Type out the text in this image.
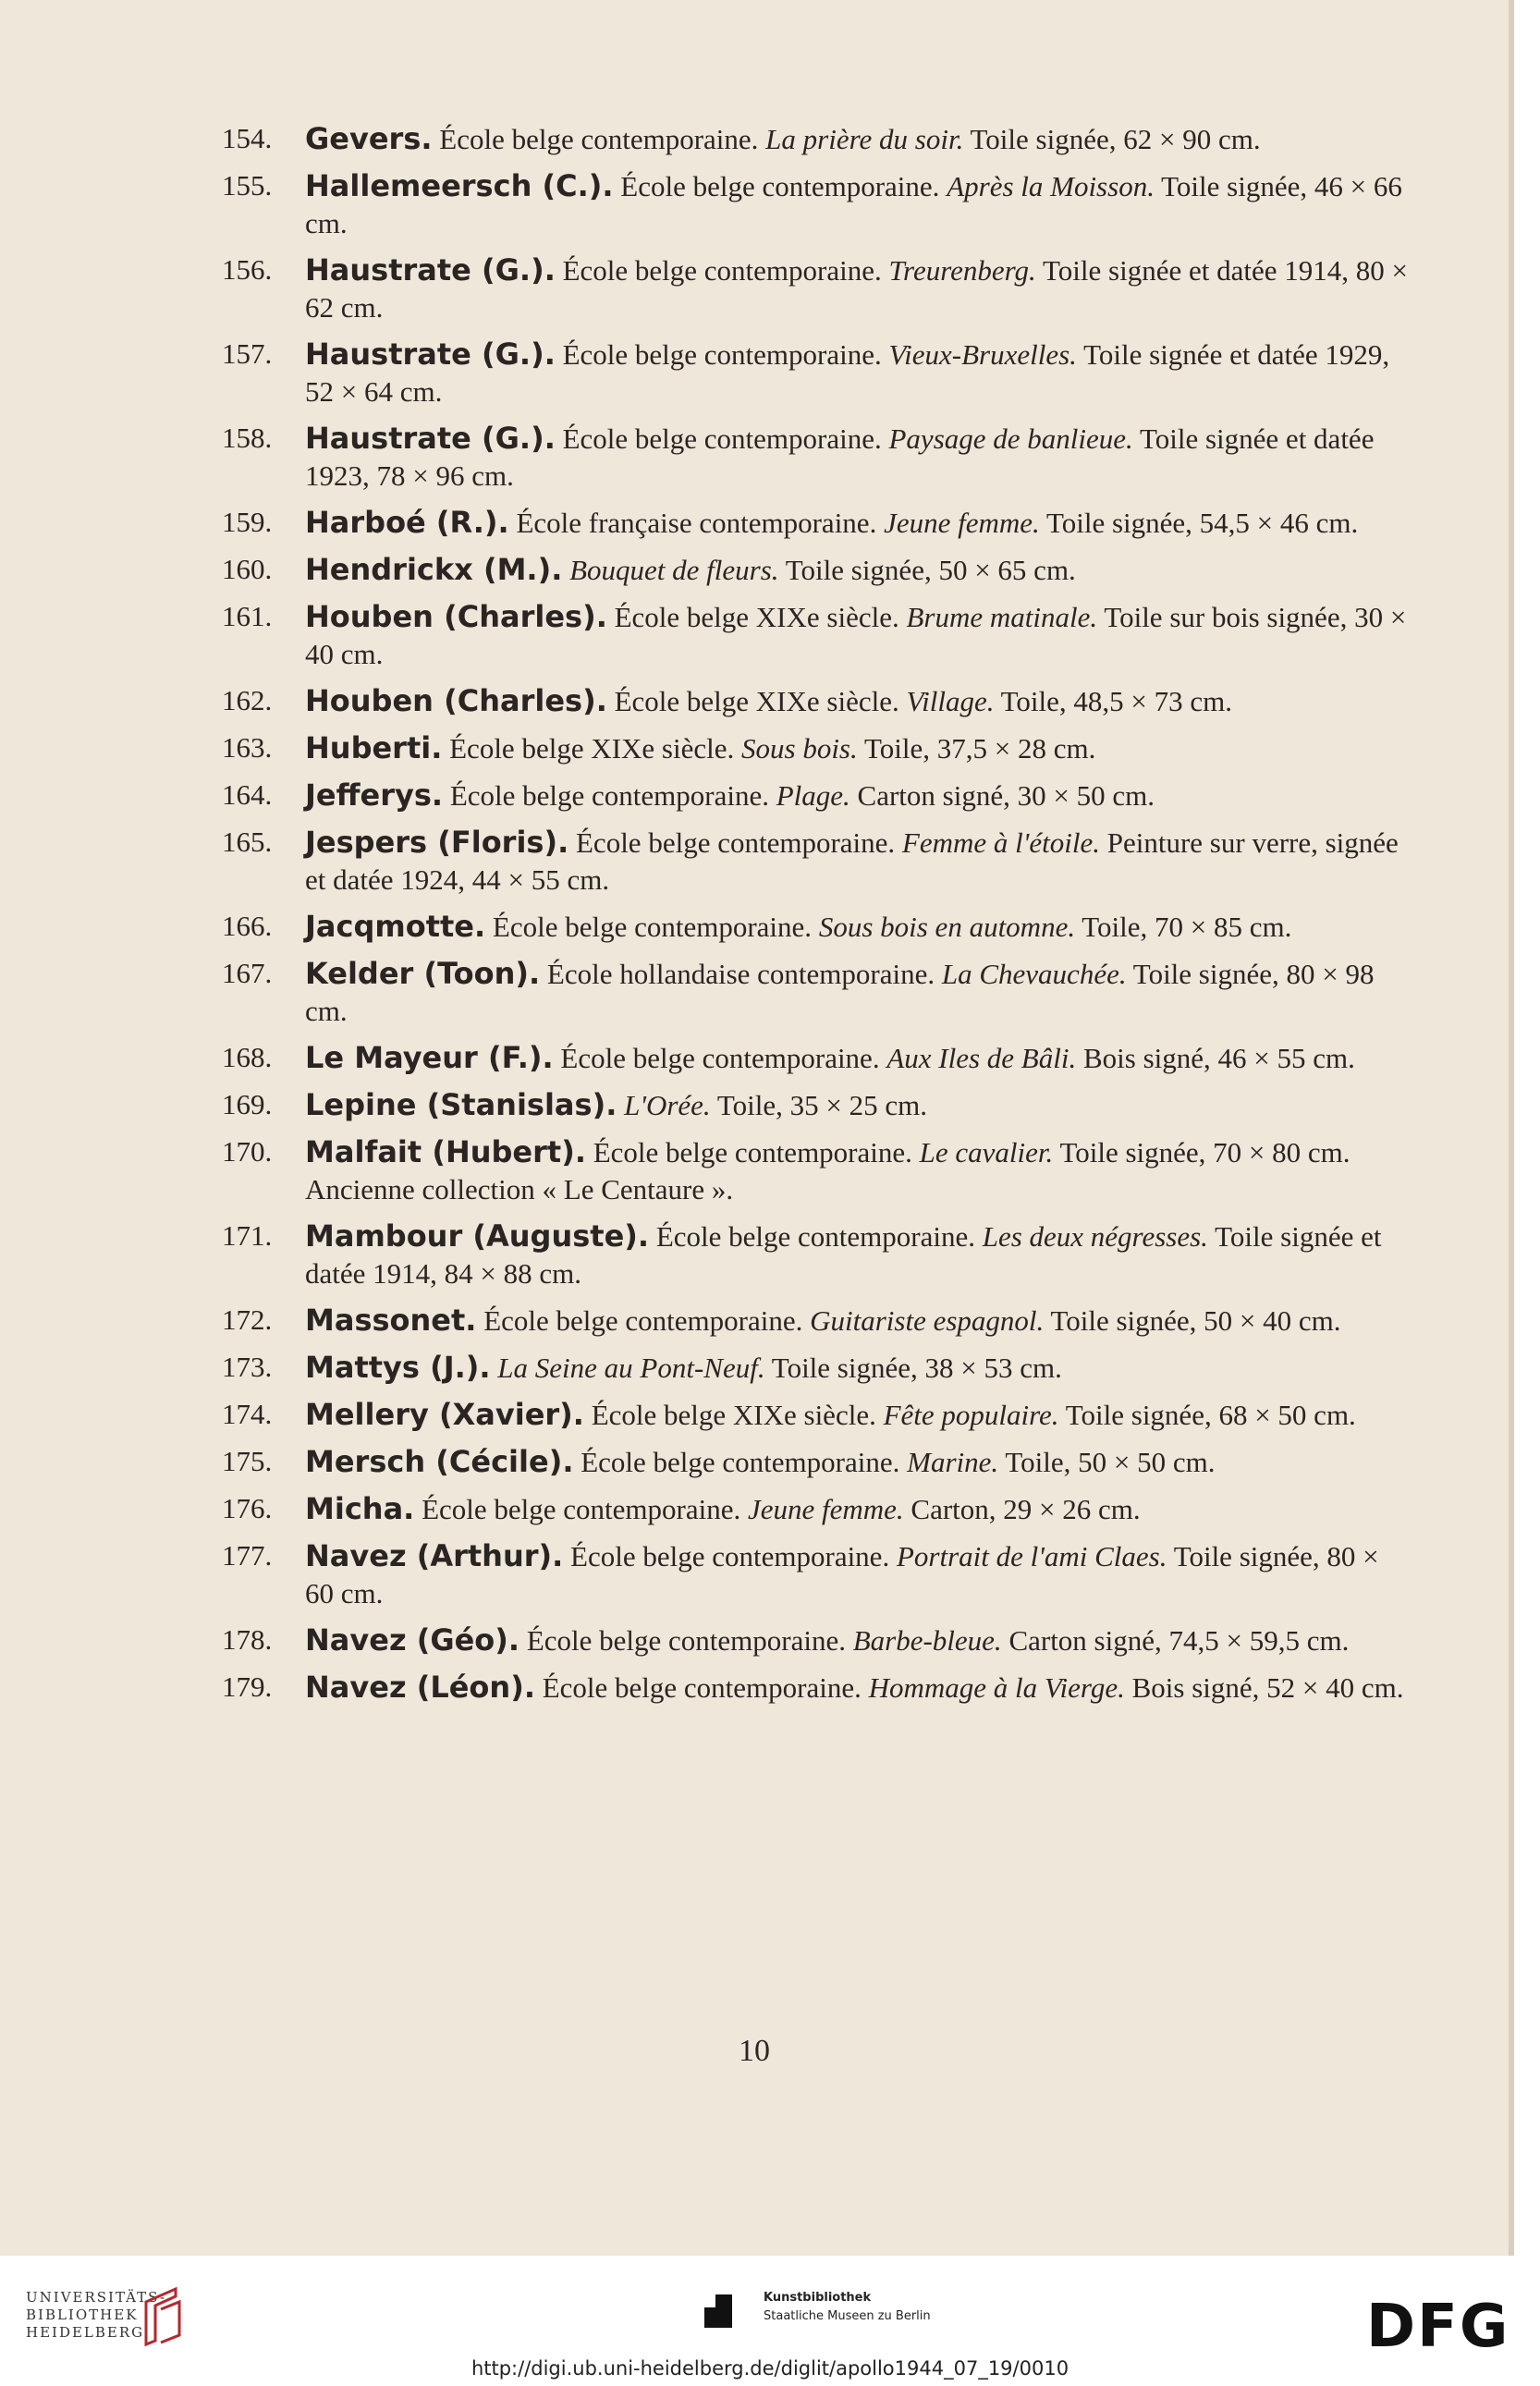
154.	Gevers. École belge contemporaine. La prière du soir. Toile signée, 62 × 90 cm.
155.	Hallemeersch (C.). École belge contemporaine. Après la Moisson. Toile signée, 46 × 66 cm.
156.	Haustrate (G.). École belge contemporaine. Treurenberg. Toile signée et datée 1914, 80 × 62 cm.
157.	Haustrate (G.). École belge contemporaine. Vieux-Bruxelles. Toile signée et datée 1929, 52 × 64 cm.
158.	Haustrate (G.). École belge contemporaine. Paysage de banlieue. Toile signée et datée 1923, 78 × 96 cm.
159.	Harboé (R.). École française contemporaine. Jeune femme. Toile signée, 54,5 × 46 cm.
160.	Hendrickx (M.). Bouquet de fleurs. Toile signée, 50 × 65 cm.
161.	Houben (Charles). École belge XIXe siècle. Brume matinale. Toile sur bois signée, 30 × 40 cm.
162.	Houben (Charles). École belge XIXe siècle. Village. Toile, 48,5 × 73 cm.
163.	Huberti. École belge XIXe siècle. Sous bois. Toile, 37,5 × 28 cm.
164.	Jefferys. École belge contemporaine. Plage. Carton signé, 30 × 50 cm.
165.	Jespers (Floris). École belge contemporaine. Femme à l'étoile. Peinture sur verre, signée et datée 1924, 44 × 55 cm.
166.	Jacqmotte. École belge contemporaine. Sous bois en automne. Toile, 70 × 85 cm.
167.	Kelder (Toon). École hollandaise contemporaine. La Chevauchée. Toile signée, 80 × 98 cm.
168.	Le Mayeur (F.). École belge contemporaine. Aux Iles de Bâli. Bois signé, 46 × 55 cm.
169.	Lepine (Stanislas). L'Orée. Toile, 35 × 25 cm.
170.	Malfait (Hubert). École belge contemporaine. Le cavalier. Toile signée, 70 × 80 cm. Ancienne collection « Le Centaure ».
171.	Mambour (Auguste). École belge contemporaine. Les deux négresses. Toile signée et datée 1914, 84 × 88 cm.
172.	Massonet. École belge contemporaine. Guitariste espagnol. Toile signée, 50 × 40 cm.
173.	Mattys (J.). La Seine au Pont-Neuf. Toile signée, 38 × 53 cm.
174.	Mellery (Xavier). École belge XIXe siècle. Fête populaire. Toile signée, 68 × 50 cm.
175.	Mersch (Cécile). École belge contemporaine. Marine. Toile, 50 × 50 cm.
176.	Micha. École belge contemporaine. Jeune femme. Carton, 29 × 26 cm.
177.	Navez (Arthur). École belge contemporaine. Portrait de l'ami Claes. Toile signée, 80 × 60 cm.
178.	Navez (Géo). École belge contemporaine. Barbe-bleue. Carton signé, 74,5 × 59,5 cm.
179.	Navez (Léon). École belge contemporaine. Hommage à la Vierge. Bois signé, 52 × 40 cm.
10
UNIVERSITÄTS-
BIBLIOTHEK
HEIDELBERG
Kunstbibliothek
Staatliche Museen zu Berlin	DFG
http://digi.ub.uni-heidelberg.de/diglit/apollo1944_07_19/0010
